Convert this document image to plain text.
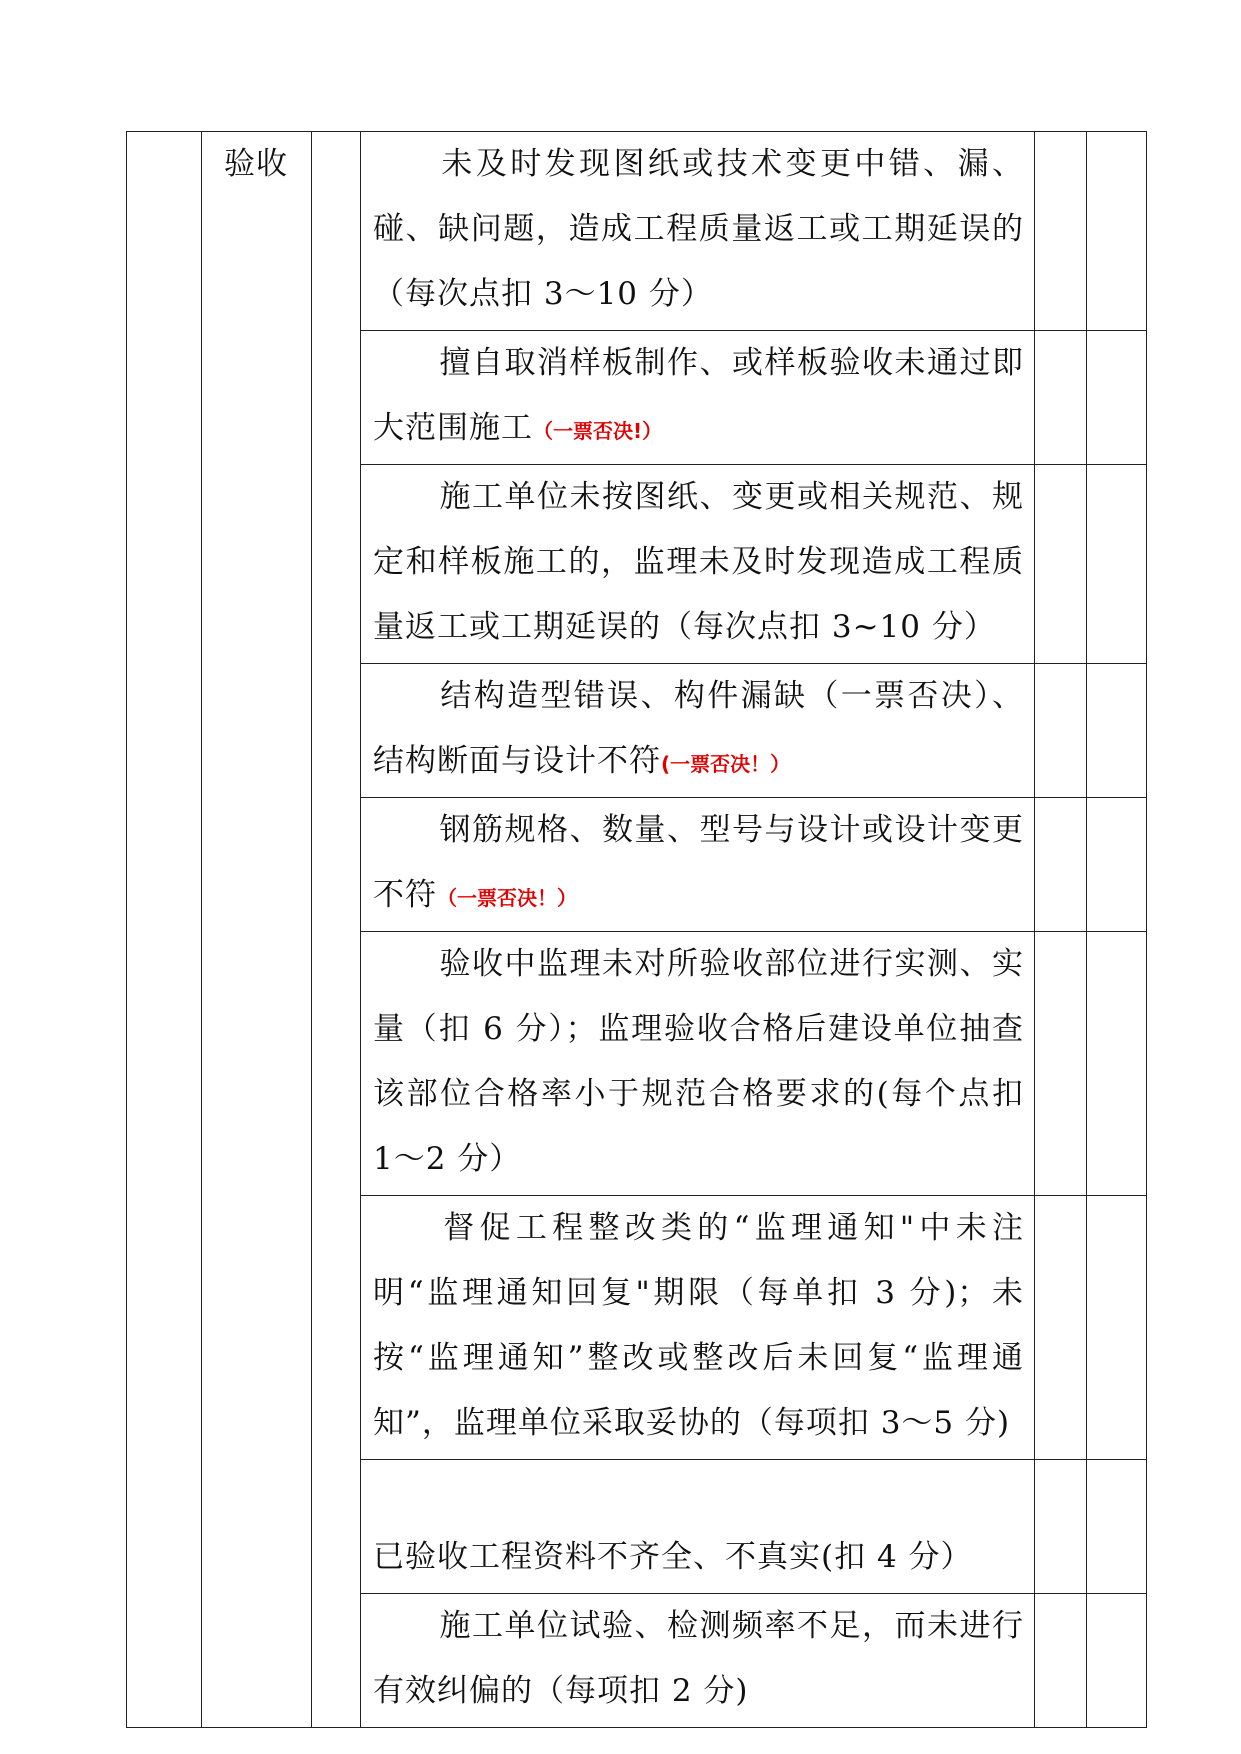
	验收		未及时发现图纸或技术变更中错、漏、碰、缺问题，造成工程质量返工或工期延误的（每次点扣 3～10 分）		
			擅自取消样板制作、或样板验收未通过即大范围施工（一票否决!）		
			施工单位未按图纸、变更或相关规范、规定和样板施工的，监理未及时发现造成工程质量返工或工期延误的（每次点扣 3~10 分）		
			结构造型错误、构件漏缺（一票否决）、结构断面与设计不符(一票否决！）		
			钢筋规格、数量、型号与设计或设计变更不符（一票否决！）		
			验收中监理未对所验收部位进行实测、实量（扣 6 分）；监理验收合格后建设单位抽查该部位合格率小于规范合格要求的(每个点扣 1～2 分）		
			督促工程整改类的“监理通知"中未注明“监理通知回复"期限（每单扣 3 分)；未按“监理通知”整改或整改后未回复“监理通知”，监理单位采取妥协的（每项扣 3～5 分)		
			已验收工程资料不齐全、不真实(扣 4 分）		
			施工单位试验、检测频率不足，而未进行有效纠偏的（每项扣 2 分)		
